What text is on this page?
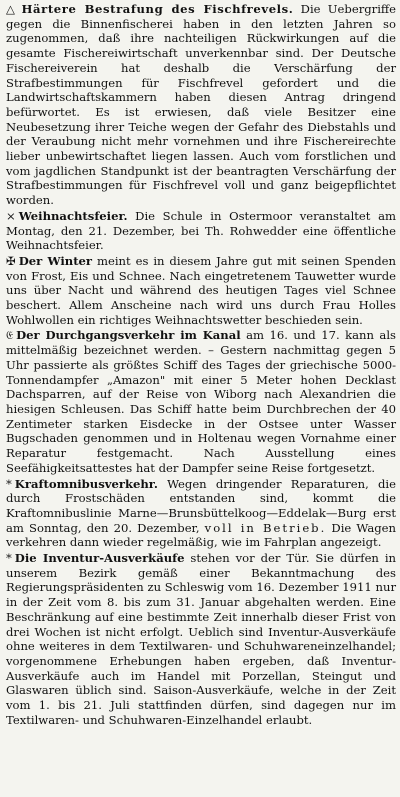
△ Härtere Bestrafung des Fischfrevels. Die Uebergriffe gegen die Binnenfischerei haben in den letzten Jahren so zugenommen, daß ihre nachteiligen Rückwirkungen auf die gesamte Fischereiwirtschaft unverkennbar sind. Der Deutsche Fischereiverein hat deshalb die Verschärfung der Strafbestimmungen für Fischfrevel gefordert und die Landwirtschaftskammern haben diesen Antrag dringend befürwortet. Es ist erwiesen, daß viele Besitzer eine Neubesetzung ihrer Teiche wegen der Gefahr des Diebstahls und der Veraubung nicht mehr vornehmen und ihre Fischereirechte lieber unbewirtschaftet liegen lassen. Auch vom forstlichen und vom jagdlichen Standpunkt ist der beantragten Verschärfung der Strafbestimmungen für Fischfrevel voll und ganz beigepflichtet worden.

× Weihnachtsfeier. Die Schule in Ostermoor veranstaltet am Montag, den 21. Dezember, bei Th. Rohwedder eine öffentliche Weihnachtsfeier.

✠ Der Winter meint es in diesem Jahre gut mit seinen Spenden von Frost, Eis und Schnee. Nach eingetretenem Tauwetter wurde uns über Nacht und während des heutigen Tages viel Schnee beschert. Allem Anscheine nach wird uns durch Frau Holles Wohlwollen ein richtiges Weihnachtswetter beschieden sein.

𝔈 Der Durchgangsverkehr im Kanal am 16. und 17. kann als mittelmäßig bezeichnet werden. – Gestern nachmittag gegen 5 Uhr passierte als größtes Schiff des Tages der griechische 5000-Tonnendampfer „Amazon" mit einer 5 Meter hohen Decklast Dachsparren, auf der Reise von Wiborg nach Alexandrien die hiesigen Schleusen. Das Schiff hatte beim Durchbrechen der 40 Zentimeter starken Eisdecke in der Ostsee unter Wasser Bugschaden genommen und in Holtenau wegen Vornahme einer Reparatur festgemacht. Nach Ausstellung eines Seefähigkeitsattestes hat der Dampfer seine Reise fortgesetzt.

* Kraftomnibusverkehr. Wegen dringender Reparaturen, die durch Frostschäden entstanden sind, kommt die Kraftomnibuslinie Marne—Brunsbüttelkoog—Eddelak—Burg erst am Sonntag, den 20. Dezember, voll in Betrieb. Die Wagen verkehren dann wieder regelmäßig, wie im Fahrplan angezeigt.

* Die Inventur-Ausverkäufe stehen vor der Tür. Sie dürfen in unserem Bezirk gemäß einer Bekanntmachung des Regierungspräsidenten zu Schleswig vom 16. Dezember 1911 nur in der Zeit vom 8. bis zum 31. Januar abgehalten werden. Eine Beschränkung auf eine bestimmte Zeit innerhalb dieser Frist von drei Wochen ist nicht erfolgt. Ueblich sind Inventur-Ausverkäufe ohne weiteres in dem Textilwaren- und Schuhwareneinzelhandel; vorgenommene Erhebungen haben ergeben, daß Inventur-Ausverkäufe auch im Handel mit Porzellan, Steingut und Glaswaren üblich sind. Saison-Ausverkäufe, welche in der Zeit vom 1. bis 21. Juli stattfinden dürfen, sind dagegen nur im Textilwaren- und Schuhwaren-Einzelhandel erlaubt.
